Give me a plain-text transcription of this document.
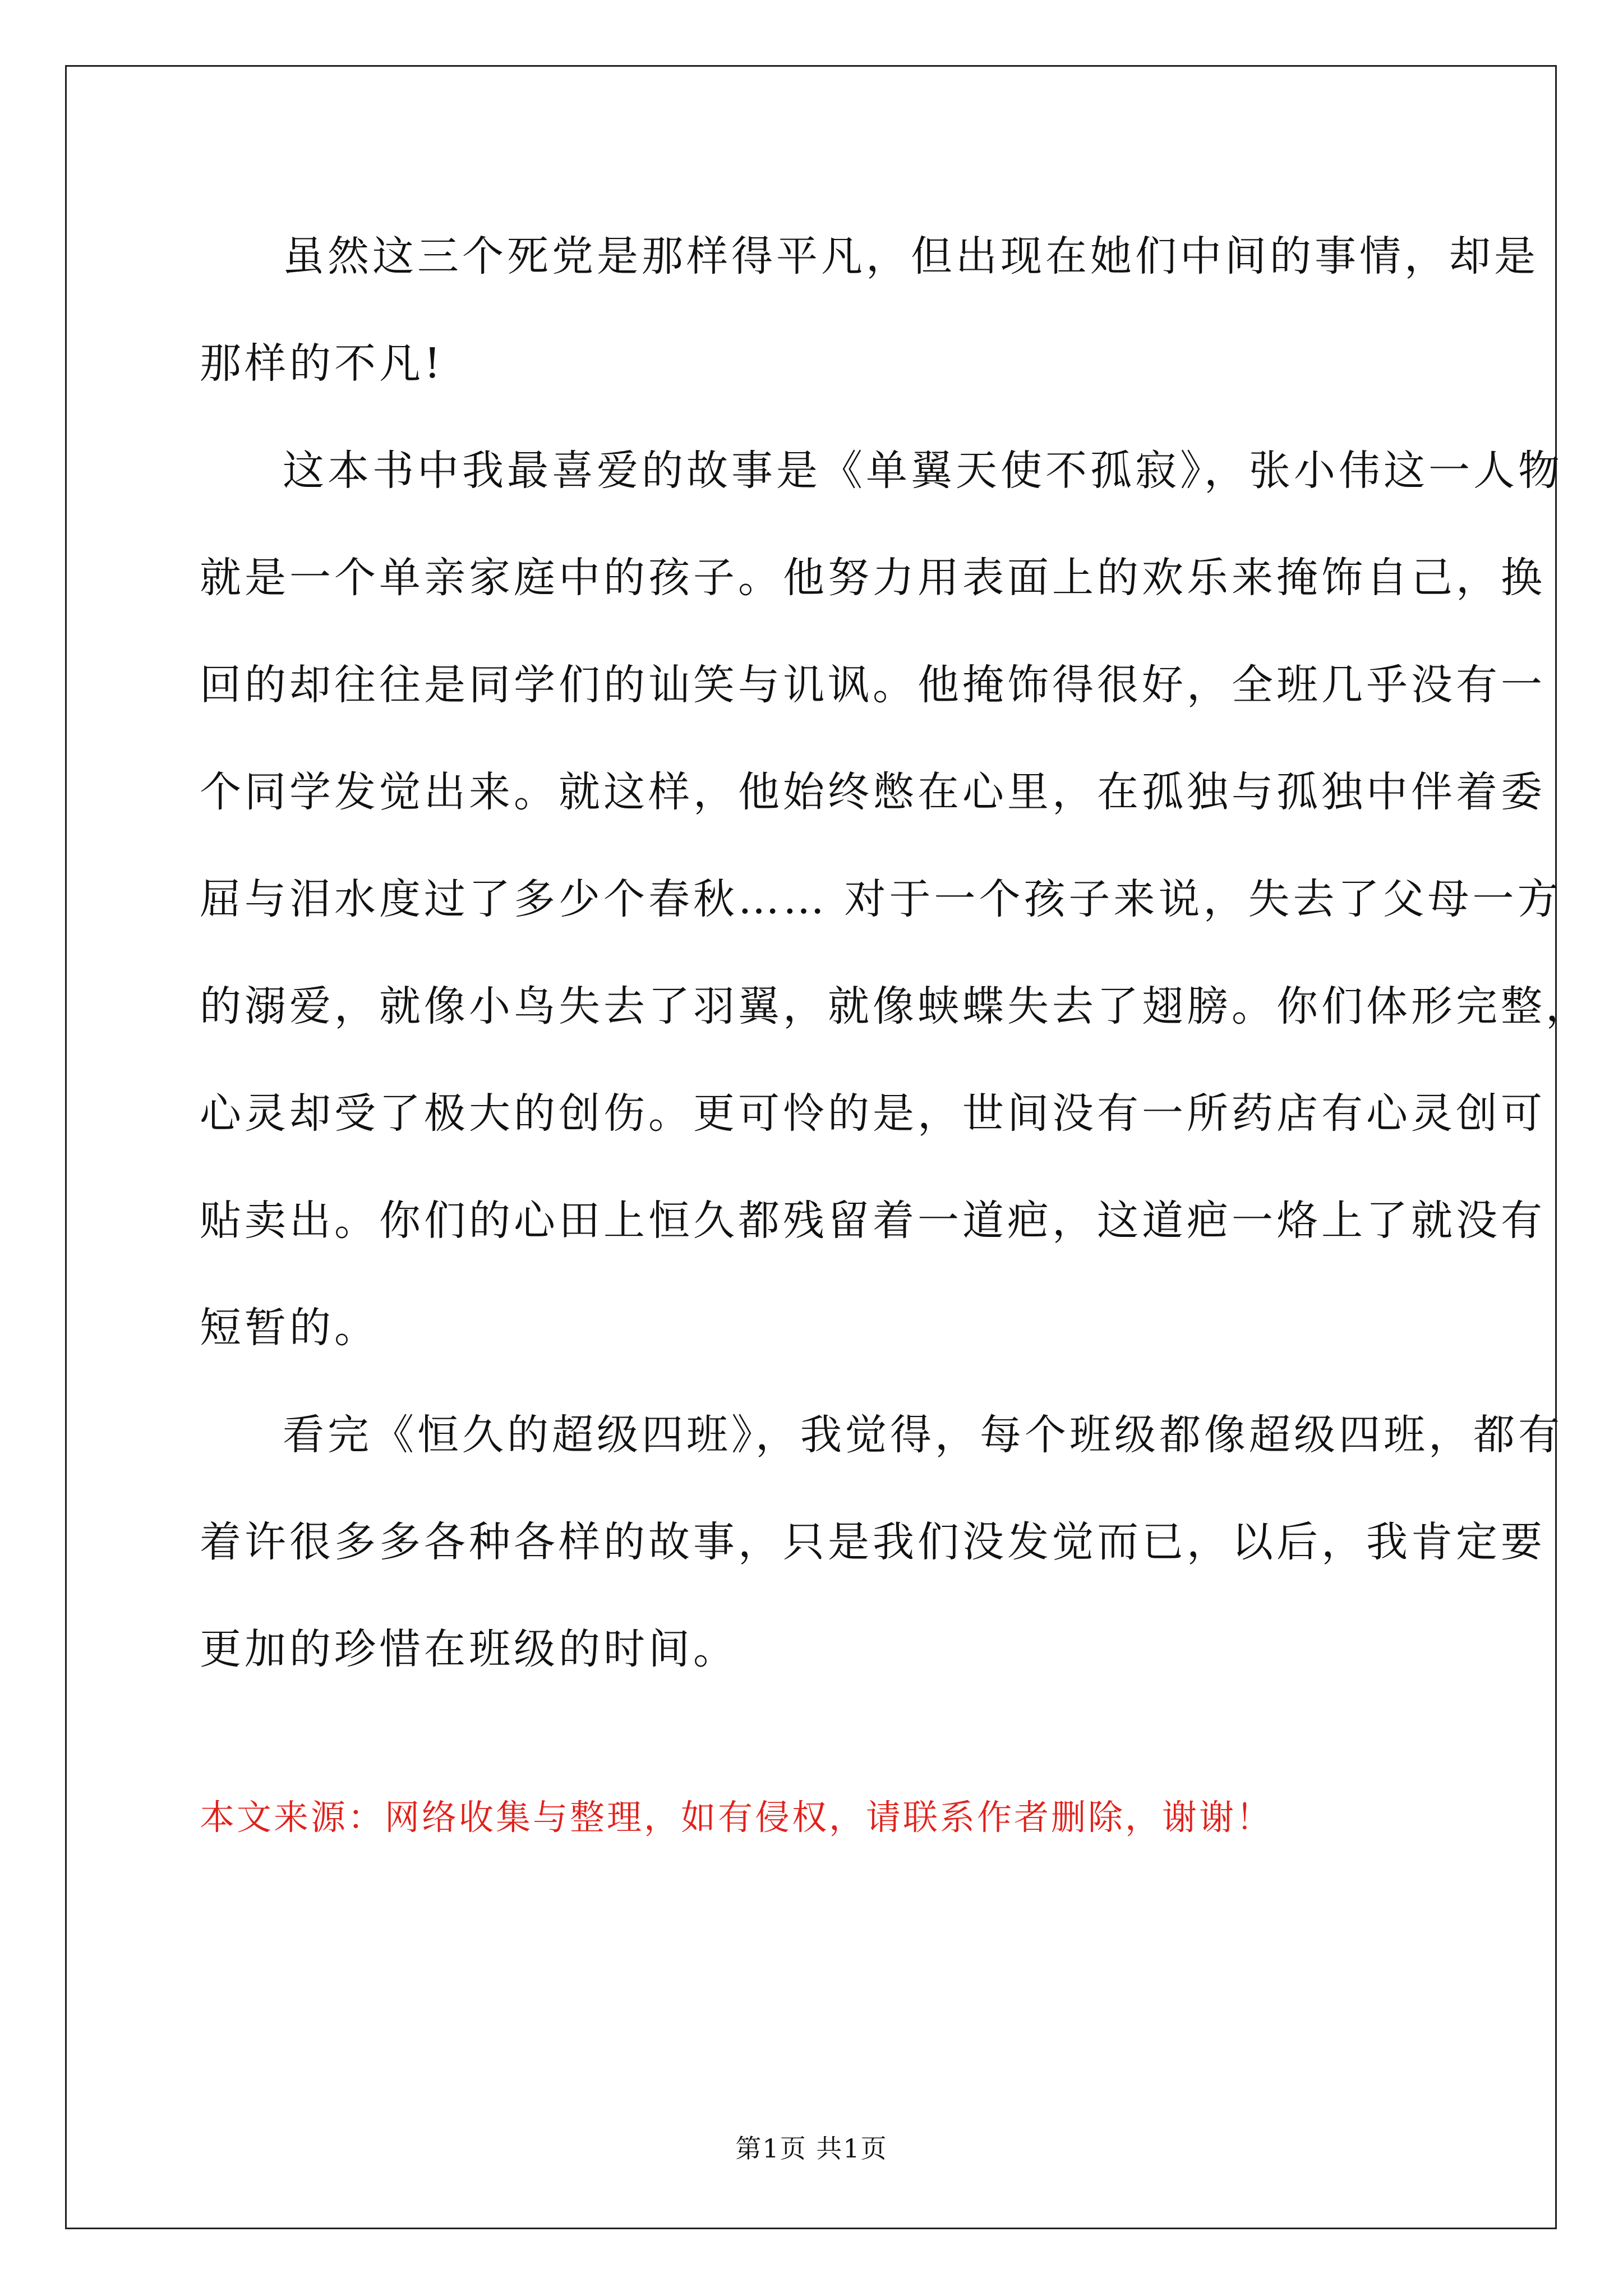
虽然这三个死党是那样得平凡，但出现在她们中间的事情，却是

那样的不凡!

这本书中我最喜爱的故事是《单翼天使不孤寂》，张小伟这一人物

就是一个单亲家庭中的孩子。他努力用表面上的欢乐来掩饰自己，换

回的却往往是同学们的讪笑与讥讽。他掩饰得很好，全班几乎没有一

个同学发觉出来。就这样，他始终憋在心里，在孤独与孤独中伴着委

屈与泪水度过了多少个春秋…… 对于一个孩子来说，失去了父母一方

的溺爱，就像小鸟失去了羽翼，就像蛱蝶失去了翅膀。你们体形完整，

心灵却受了极大的创伤。更可怜的是，世间没有一所药店有心灵创可

贴卖出。你们的心田上恒久都残留着一道疤，这道疤一烙上了就没有

短暂的。

看完《恒久的超级四班》，我觉得，每个班级都像超级四班，都有

着许很多多各种各样的故事，只是我们没发觉而已，以后，我肯定要

更加的珍惜在班级的时间。

本文来源：网络收集与整理，如有侵权，请联系作者删除，谢谢！
第1页 共1页
